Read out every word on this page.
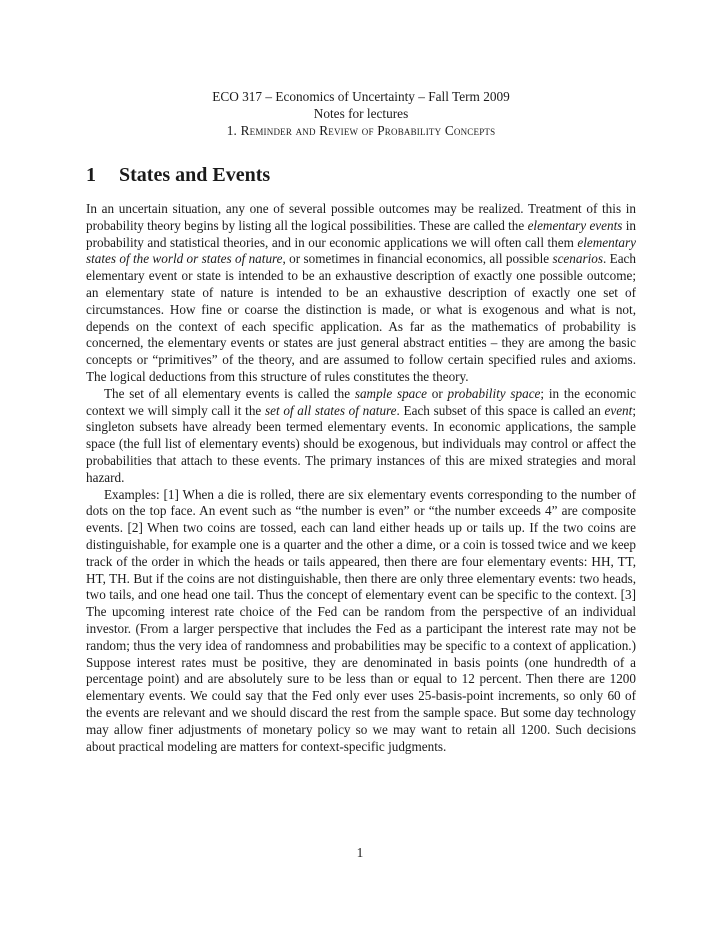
ECO 317 – Economics of Uncertainty – Fall Term 2009
Notes for lectures
1. Reminder and Review of Probability Concepts
1 States and Events

In an uncertain situation, any one of several possible outcomes may be realized. Treatment of this in probability theory begins by listing all the logical possibilities. These are called the elementary events in probability and statistical theories, and in our economic applications we will often call them elementary states of the world or states of nature, or sometimes in financial economics, all possible scenarios. Each elementary event or state is intended to be an exhaustive description of exactly one possible outcome; an elementary state of nature is intended to be an exhaustive description of exactly one set of circumstances. How fine or coarse the distinction is made, or what is exogenous and what is not, depends on the context of each specific application. As far as the mathematics of probability is concerned, the elementary events or states are just general abstract entities – they are among the basic concepts or “primitives” of the theory, and are assumed to follow certain specified rules and axioms. The logical deductions from this structure of rules constitutes the theory.

The set of all elementary events is called the sample space or probability space; in the economic context we will simply call it the set of all states of nature. Each subset of this space is called an event; singleton subsets have already been termed elementary events. In economic applications, the sample space (the full list of elementary events) should be exogenous, but individuals may control or affect the probabilities that attach to these events. The primary instances of this are mixed strategies and moral hazard.

Examples: [1] When a die is rolled, there are six elementary events corresponding to the number of dots on the top face. An event such as “the number is even” or “the number exceeds 4” are composite events. [2] When two coins are tossed, each can land either heads up or tails up. If the two coins are distinguishable, for example one is a quarter and the other a dime, or a coin is tossed twice and we keep track of the order in which the heads or tails appeared, then there are four elementary events: HH, TT, HT, TH. But if the coins are not distinguishable, then there are only three elementary events: two heads, two tails, and one head one tail. Thus the concept of elementary event can be specific to the context. [3] The upcoming interest rate choice of the Fed can be random from the perspective of an individual investor. (From a larger perspective that includes the Fed as a participant the interest rate may not be random; thus the very idea of randomness and probabilities may be specific to a context of application.) Suppose interest rates must be positive, they are denominated in basis points (one hundredth of a percentage point) and are absolutely sure to be less than or equal to 12 percent. Then there are 1200 elementary events. We could say that the Fed only ever uses 25-basis-point increments, so only 60 of the events are relevant and we should discard the rest from the sample space. But some day technology may allow finer adjustments of monetary policy so we may want to retain all 1200. Such decisions about practical modeling are matters for context-specific judgments.

1
